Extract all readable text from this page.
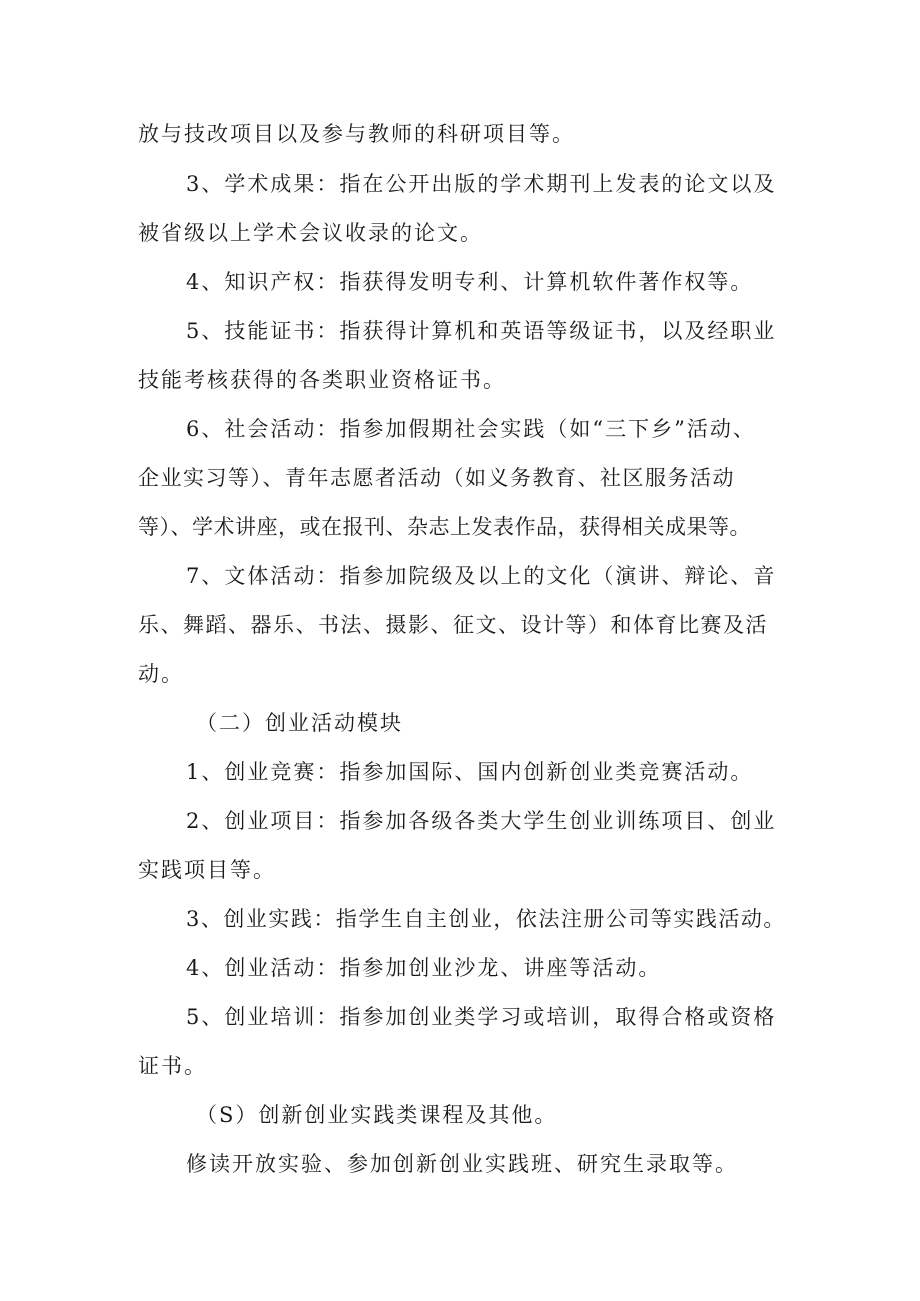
放与技改项目以及参与教师的科研项目等。
3、学术成果：指在公开出版的学术期刊上发表的论文以及
被省级以上学术会议收录的论文。
4、知识产权：指获得发明专利、计算机软件著作权等。
5、技能证书：指获得计算机和英语等级证书，以及经职业
技能考核获得的各类职业资格证书。
6、社会活动：指参加假期社会实践（如“三下乡”活动、
企业实习等）、青年志愿者活动（如义务教育、社区服务活动
等）、学术讲座，或在报刊、杂志上发表作品，获得相关成果等。
7、文体活动：指参加院级及以上的文化（演讲、辩论、音
乐、舞蹈、器乐、书法、摄影、征文、设计等）和体育比赛及活
动。
（二）创业活动模块
1、创业竞赛：指参加国际、国内创新创业类竞赛活动。
2、创业项目：指参加各级各类大学生创业训练项目、创业
实践项目等。
3、创业实践：指学生自主创业，依法注册公司等实践活动。
4、创业活动：指参加创业沙龙、讲座等活动。
5、创业培训：指参加创业类学习或培训，取得合格或资格
证书。
（S）创新创业实践类课程及其他。
修读开放实验、参加创新创业实践班、研究生录取等。
